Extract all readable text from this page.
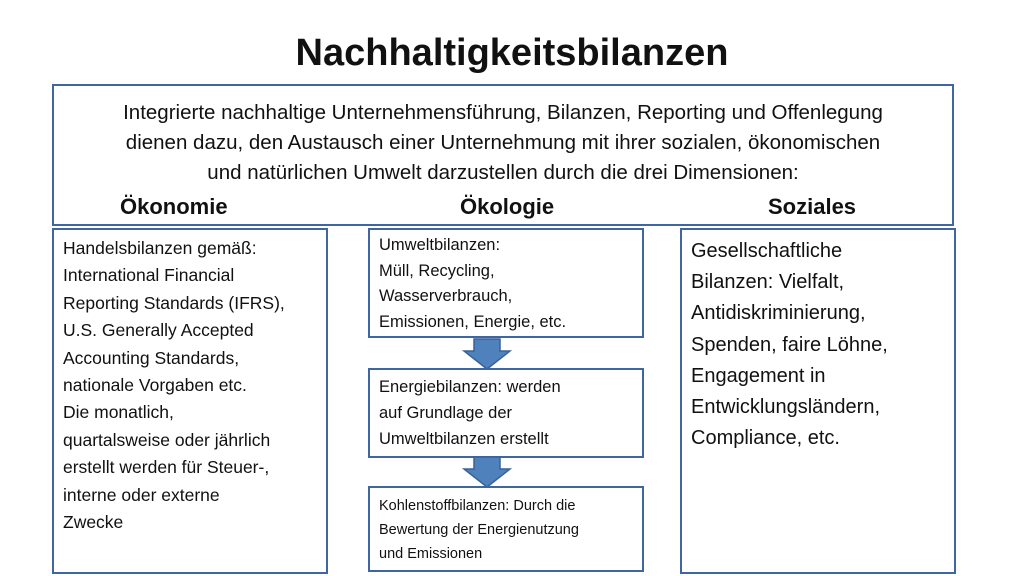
Nachhaltigkeitsbilanzen
Integrierte nachhaltige Unternehmensführung, Bilanzen, Reporting und Offenlegung
dienen dazu, den Austausch einer Unternehmung mit ihrer sozialen, ökonomischen
und natürlichen Umwelt darzustellen durch die drei Dimensionen:
Ökonomie	Ökologie	Soziales
Handelsbilanzen gemäß:
International Financial
Reporting Standards (IFRS),
U.S. Generally Accepted
Accounting Standards,
nationale Vorgaben etc.
Die monatlich,
quartalsweise oder jährlich
erstellt werden für Steuer-,
interne oder externe
Zwecke
Umweltbilanzen:
Müll, Recycling,
Wasserverbrauch,
Emissionen, Energie, etc.
Energiebilanzen: werden
auf Grundlage der
Umweltbilanzen erstellt
Kohlenstoffbilanzen: Durch die
Bewertung der Energienutzung
und Emissionen
Gesellschaftliche
Bilanzen: Vielfalt,
Antidiskriminierung,
Spenden, faire Löhne,
Engagement in
Entwicklungsländern,
Compliance, etc.
